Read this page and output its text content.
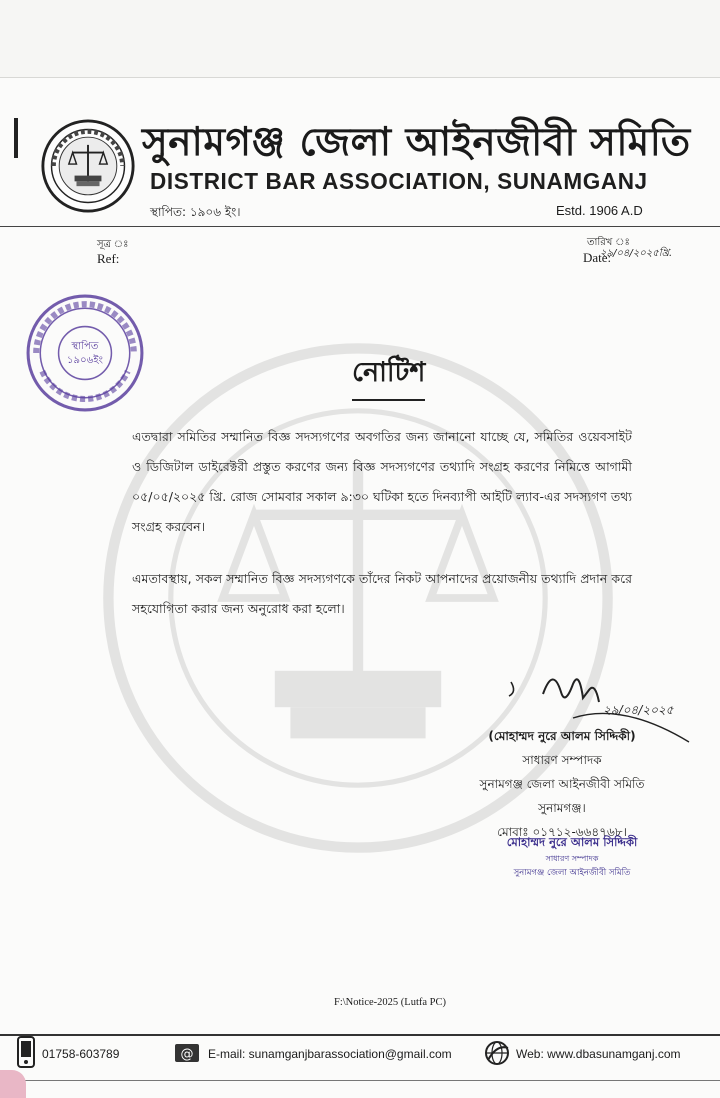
সুনামগঞ্জ জেলা আইনজীবী সমিতি
DISTRICT BAR ASSOCIATION, SUNAMGANJ
স্থাপিত: ১৯০৬ ইং।	Estd. 1906 A.D
সূত্র ঃ
Ref:
তারিখ ঃ
Date:
২৯/০৪/২০২৫খ্রি.
স্থাপিত
১৯০৬ইং	নোটিশ

এতদ্বারা সমিতির সম্মানিত বিজ্ঞ সদস্যগণের অবগতির জন্য জানানো যাচ্ছে যে, সমিতির ওয়েবসাইট ও ডিজিটাল ডাইরেক্টরী প্রস্তুত করণের জন্য বিজ্ঞ সদস্যগণের তথ্যাদি সংগ্রহ করণের নিমিত্তে আগামী ০৫/০৫/২০২৫ খ্রি. রোজ সোমবার সকাল ৯:৩০ ঘটিকা হতে দিনব্যাপী আইটি ল্যাব-এর সদস্যগণ তথ্য সংগ্রহ করবেন।

এমতাবস্থায়, সকল সম্মানিত বিজ্ঞ সদস্যগণকে তাঁদের নিকট আপনাদের প্রয়োজনীয় তথ্যাদি প্রদান করে সহযোগিতা করার জন্য অনুরোধ করা হলো।

২৯/০৪/২০২৫
(মোহাম্মদ নুরে আলম সিদ্দিকী)
সাধারণ সম্পাদক
সুনামগঞ্জ জেলা আইনজীবী সমিতি
সুনামগঞ্জ।
মোবাঃ ০১৭১২-৬৬৪৭৬৮।
মোহাম্মদ নুরে আলম সিদ্দিকী
সাধারণ সম্পাদক
সুনামগঞ্জ জেলা আইনজীবী সমিতি
F:\Notice-2025 (Lutfa PC)
01758-603789	@ E-mail: sunamganjbarassociation@gmail.com	Web: www.dbasunamganj.com
